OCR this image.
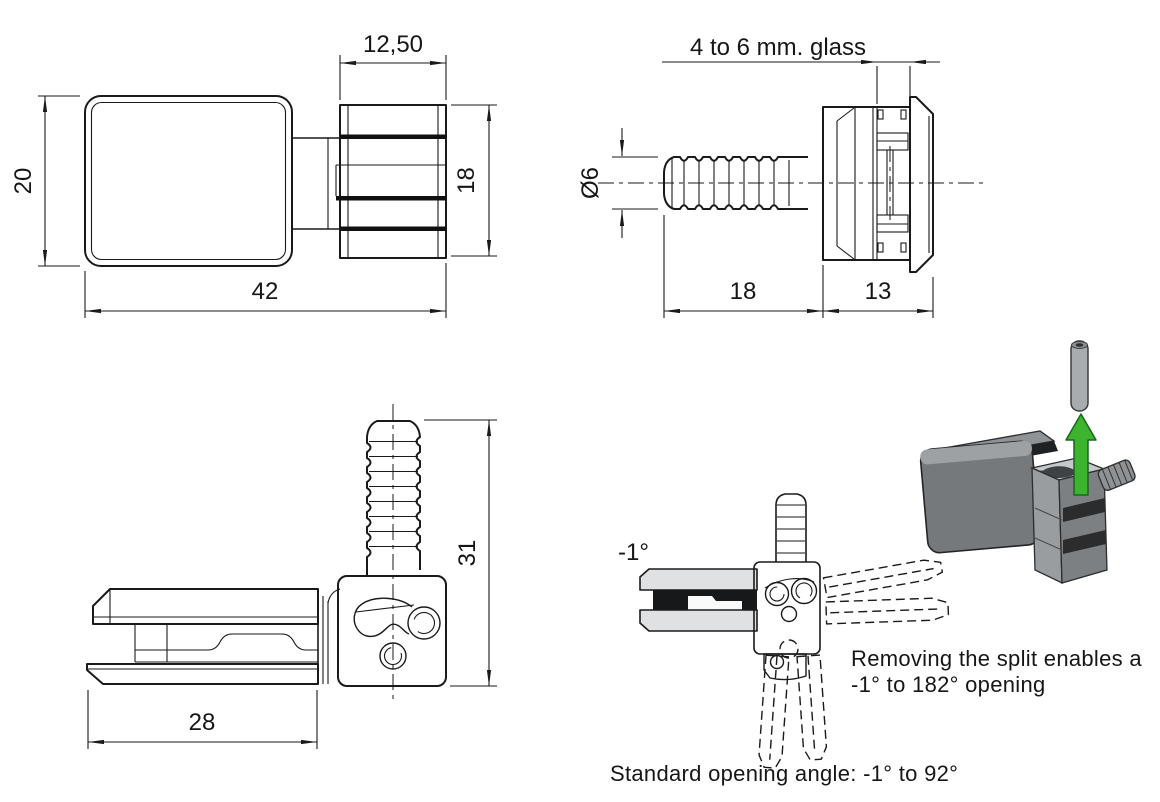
12,50
20	18
42
4 to 6 mm. glass
Ø6
18	13
28
31	-1°
Removing the split enables a
-1° to 182° opening
Standard opening angle: -1° to 92°
